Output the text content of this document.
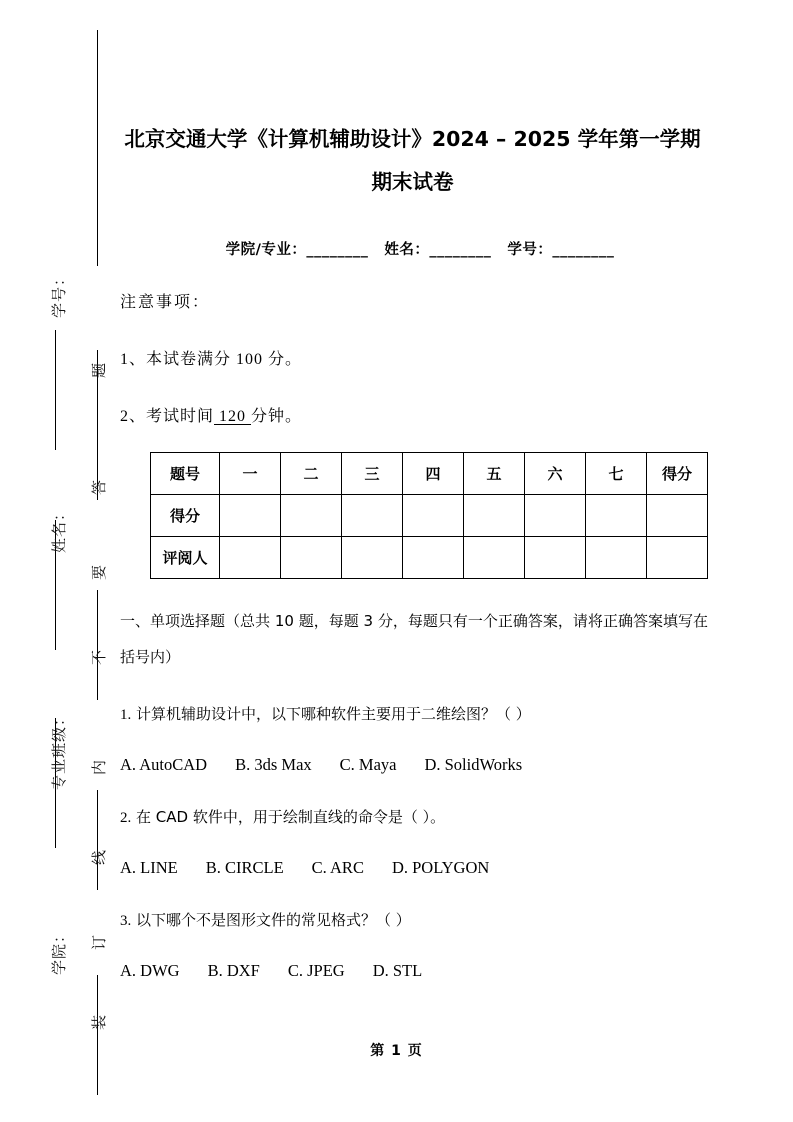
学号：
姓名：
专业班级：
学院：
题
答
要
不
内
线
订
装
北京交通大学《计算机辅助设计》2024 – 2025 学年第一学期期末试卷
学院/专业：________ 姓名：________ 学号：________
注意事项：
1、本试卷满分 100 分。
2、考试时间 120 分钟。
题号	一	二	三	四	五	六	七	得分
得分								
评阅人								
一、单项选择题（总共 10 题，每题 3 分，每题只有一个正确答案，请将正确答案填写在括号内）
1. 计算机辅助设计中，以下哪种软件主要用于二维绘图？（ ）
A. AutoCAD B. 3ds Max C. Maya D. SolidWorks
2. 在 CAD 软件中，用于绘制直线的命令是（ ）。
A. LINE B. CIRCLE C. ARC D. POLYGON
3. 以下哪个不是图形文件的常见格式？（ ）
A. DWG B. DXF C. JPEG D. STL
第 1 页
